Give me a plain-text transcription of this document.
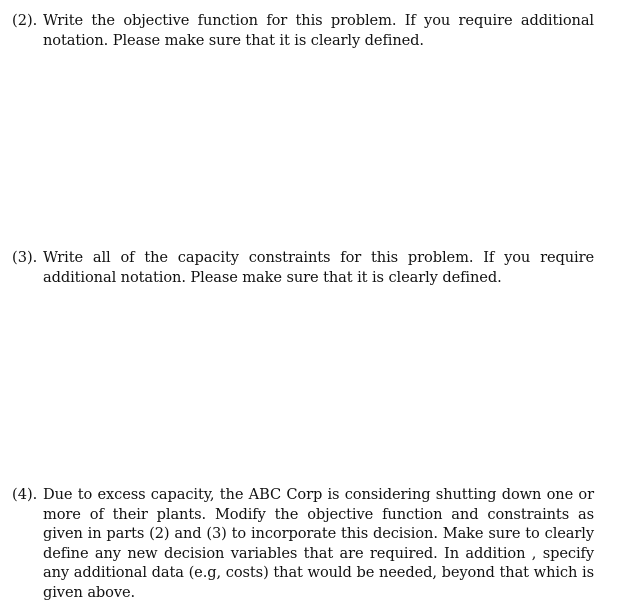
(2). Write the objective function for this problem. If you require additional notation. Please make sure that it is clearly defined.
(3). Write all of the capacity constraints for this problem. If you require additional notation. Please make sure that it is clearly defined.
(4). Due to excess capacity, the ABC Corp is considering shutting down one or more of their plants. Modify the objective function and constraints as given in parts (2) and (3) to incorporate this decision. Make sure to clearly define any new decision variables that are required. In addition , specify any additional data (e.g, costs) that would be needed, beyond that which is given above.
